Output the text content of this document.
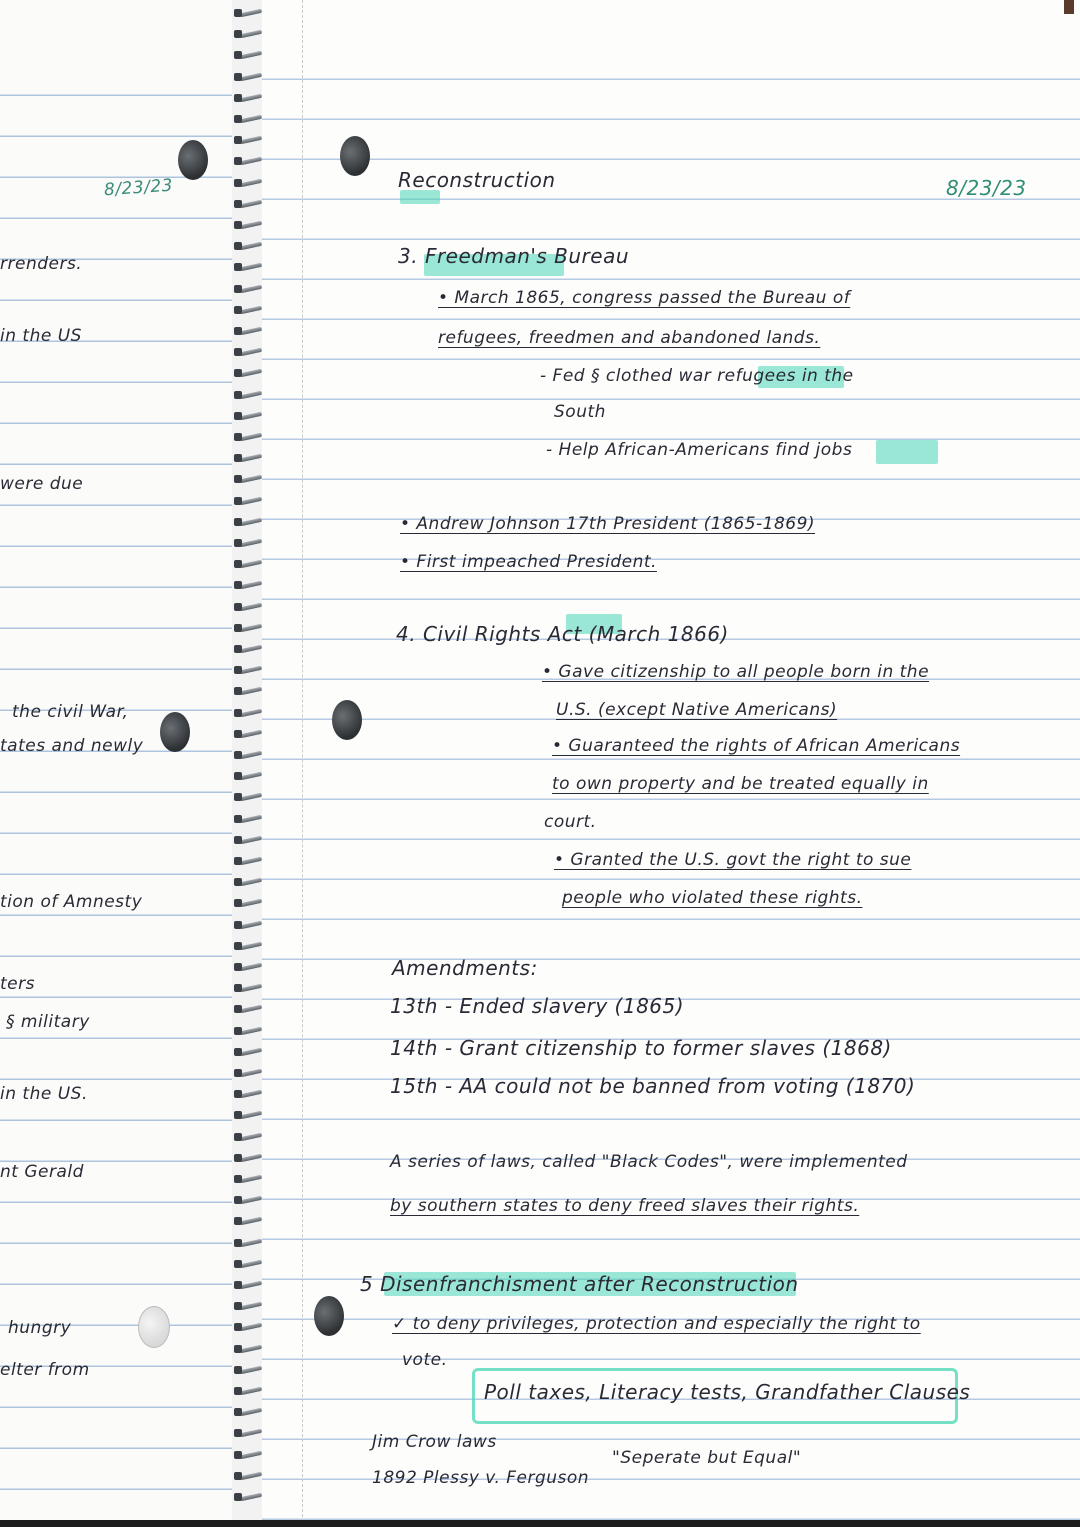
8/23/23
rrenders.
in the US
were due
the civil War,
tates and newly
tion of Amnesty
ters
§ military
in the US.
nt Gerald
hungry
elter from
Reconstruction	8/23/23
3. Freedman's Bureau
• March 1865, congress passed the Bureau of
refugees, freedmen and abandoned lands.
- Fed § clothed war refugees in the
South
- Help African-Americans find jobs
• Andrew Johnson 17th President (1865-1869)
• First impeached President.
4. Civil Rights Act (March 1866)
• Gave citizenship to all people born in the
U.S. (except Native Americans)
• Guaranteed the rights of African Americans
to own property and be treated equally in
court.
• Granted the U.S. govt the right to sue
people who violated these rights.
Amendments:
13th - Ended slavery (1865)
14th - Grant citizenship to former slaves (1868)
15th - AA could not be banned from voting (1870)
A series of laws, called "Black Codes", were implemented
by southern states to deny freed slaves their rights.
5 Disenfranchisment after Reconstruction
✓ to deny privileges, protection and especially the right to
vote.
Poll taxes, Literacy tests, Grandfather Clauses
Jim Crow laws
1892 Plessy v. Ferguson
"Seperate but Equal"
